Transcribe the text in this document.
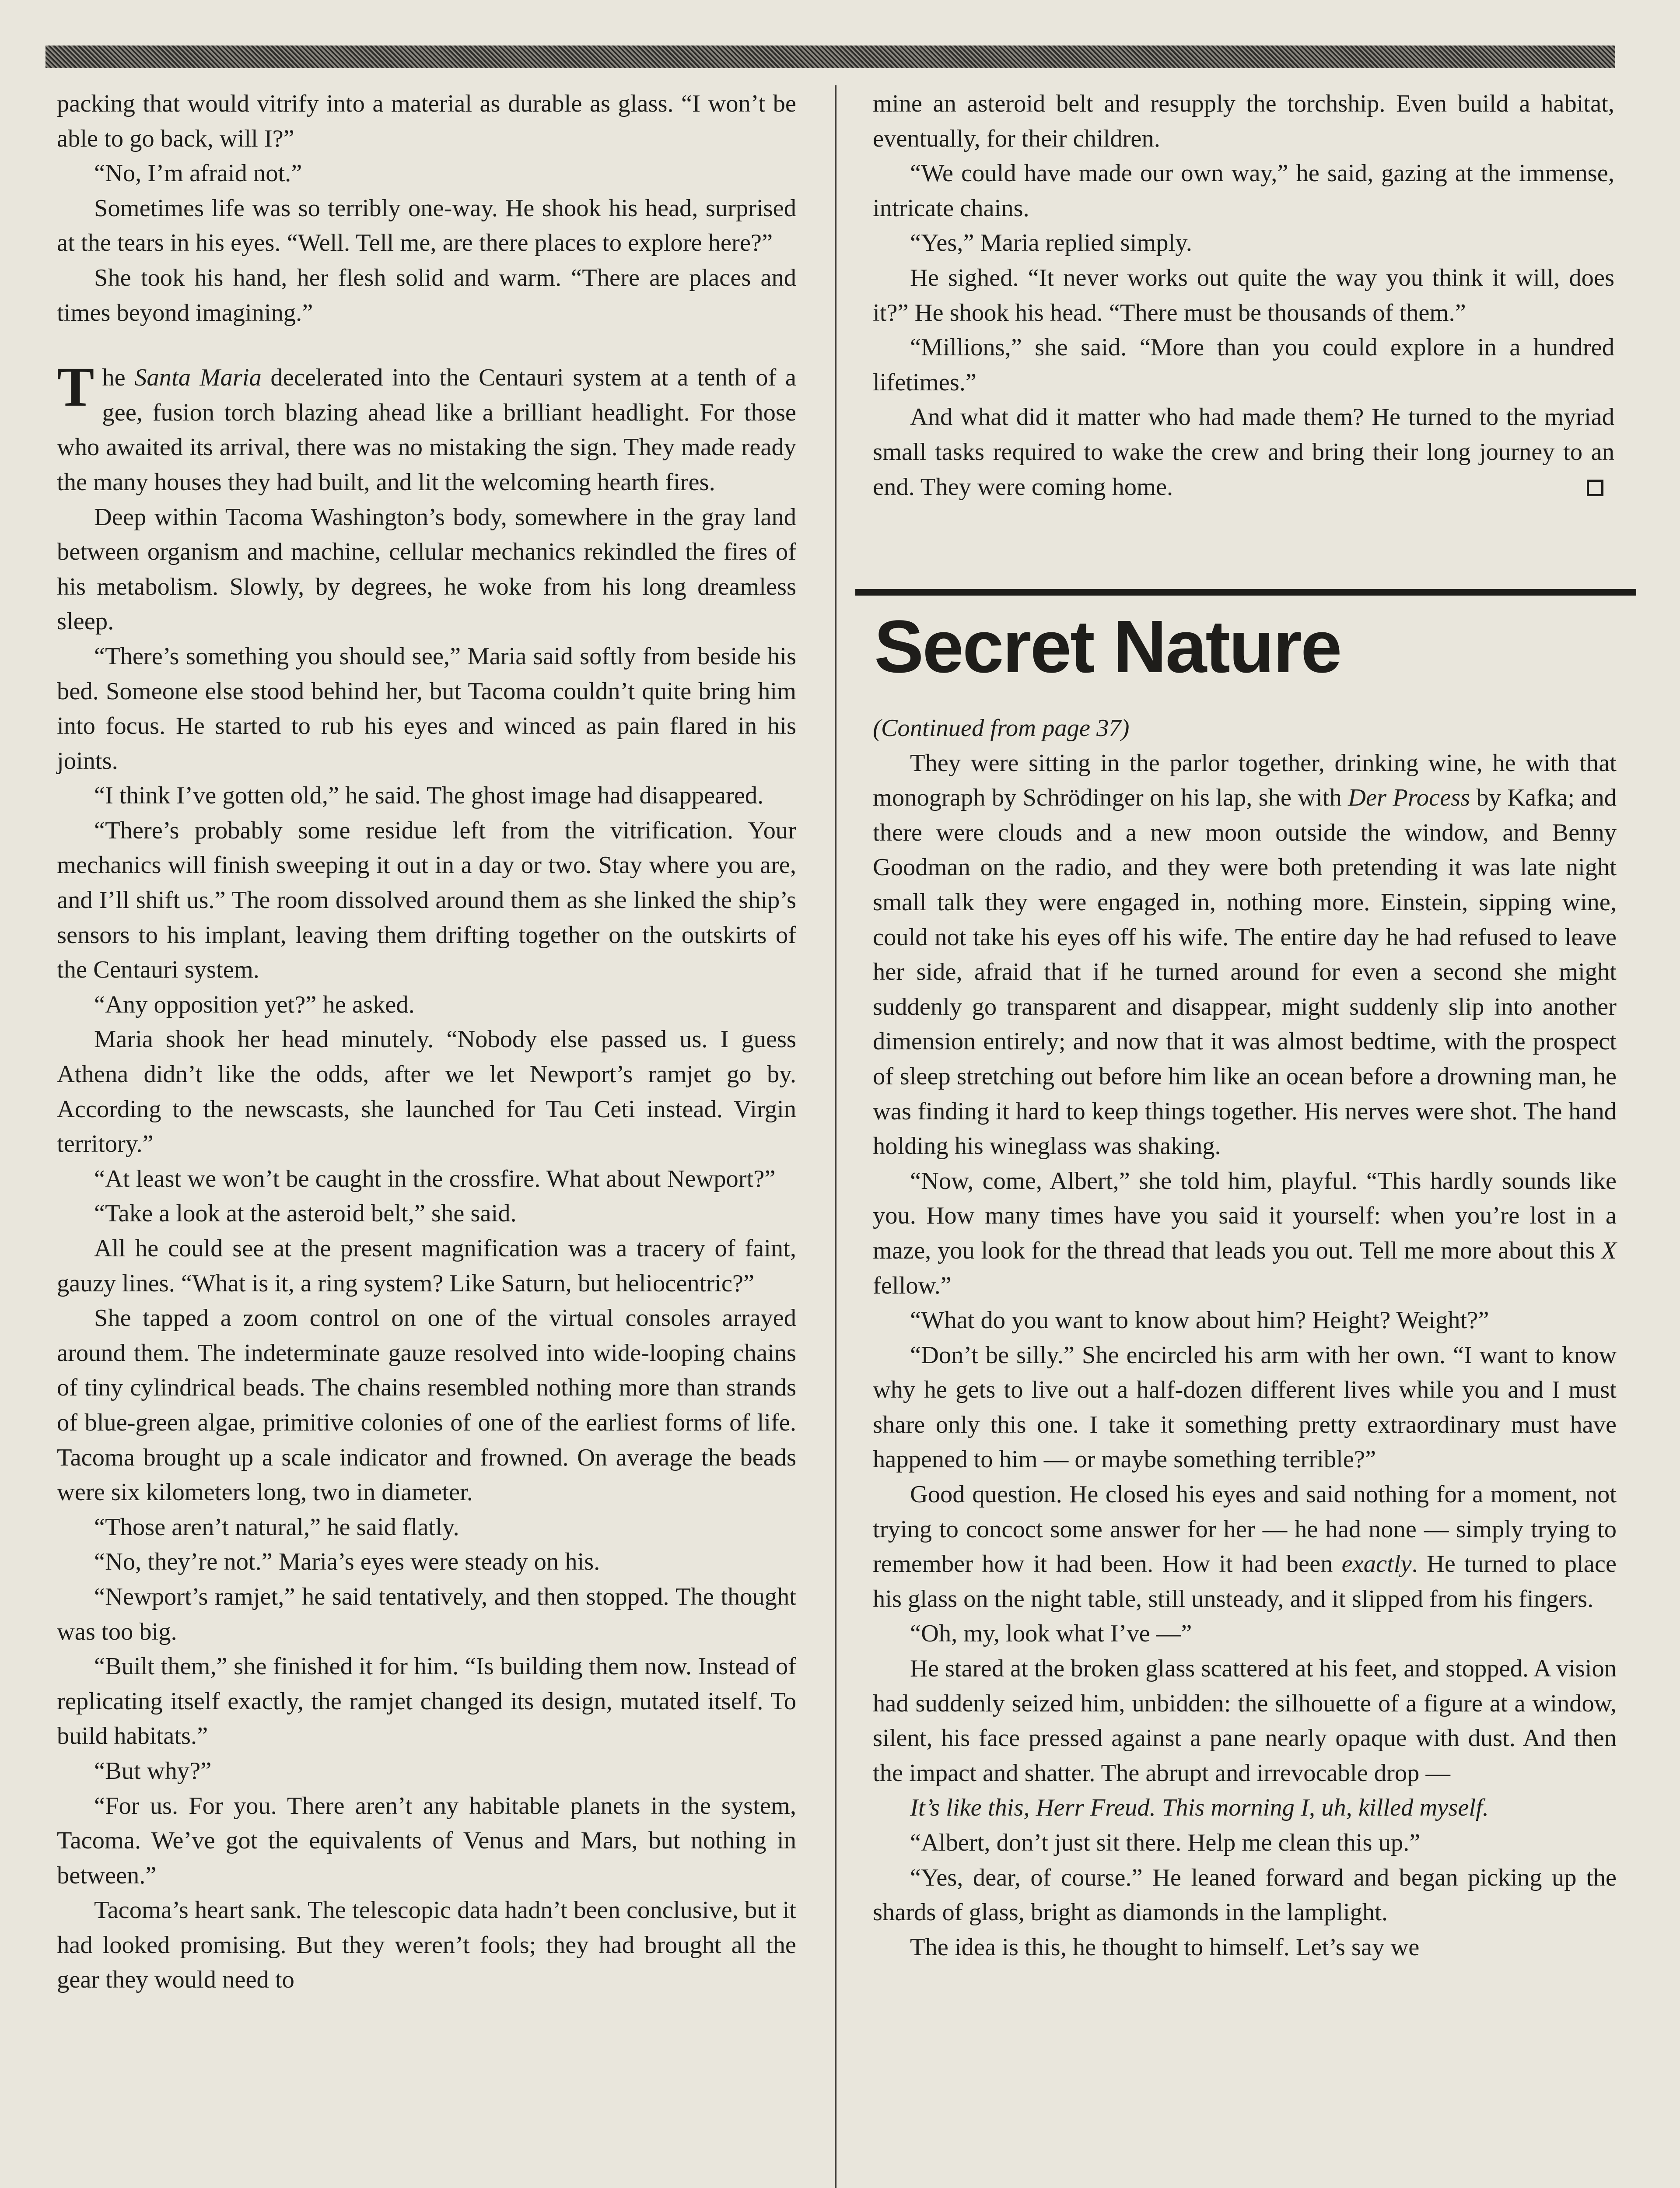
packing that would vitrify into a material as durable as glass. “I won’t be able to go back, will I?”

“No, I’m afraid not.”

Sometimes life was so terribly one-way. He shook his head, surprised at the tears in his eyes. “Well. Tell me, are there places to explore here?”

She took his hand, her flesh solid and warm. “There are places and times beyond imagining.”

The Santa Maria decelerated into the Centauri system at a tenth of a gee, fusion torch blazing ahead like a brilliant headlight. For those who awaited its arrival, there was no mistaking the sign. They made ready the many houses they had built, and lit the welcoming hearth fires.

Deep within Tacoma Washington’s body, somewhere in the gray land between organism and machine, cellular mechanics rekindled the fires of his metabolism. Slowly, by degrees, he woke from his long dreamless sleep.

“There’s something you should see,” Maria said softly from beside his bed. Someone else stood behind her, but Tacoma couldn’t quite bring him into focus. He started to rub his eyes and winced as pain flared in his joints.

“I think I’ve gotten old,” he said. The ghost image had disappeared.

“There’s probably some residue left from the vitrification. Your mechanics will finish sweeping it out in a day or two. Stay where you are, and I’ll shift us.” The room dissolved around them as she linked the ship’s sensors to his implant, leaving them drifting together on the outskirts of the Centauri system.

“Any opposition yet?” he asked.

Maria shook her head minutely. “Nobody else passed us. I guess Athena didn’t like the odds, after we let Newport’s ramjet go by. According to the newscasts, she launched for Tau Ceti instead. Virgin territory.”

“At least we won’t be caught in the crossfire. What about Newport?”

“Take a look at the asteroid belt,” she said.

All he could see at the present magnification was a tracery of faint, gauzy lines. “What is it, a ring system? Like Saturn, but heliocentric?”

She tapped a zoom control on one of the virtual consoles arrayed around them. The indeterminate gauze resolved into wide-looping chains of tiny cylindrical beads. The chains resembled nothing more than strands of blue-green algae, primitive colonies of one of the earliest forms of life. Tacoma brought up a scale indicator and frowned. On average the beads were six kilometers long, two in diameter.

“Those aren’t natural,” he said flatly.

“No, they’re not.” Maria’s eyes were steady on his.

“Newport’s ramjet,” he said tentatively, and then stopped. The thought was too big.

“Built them,” she finished it for him. “Is building them now. Instead of replicating itself exactly, the ramjet changed its design, mutated itself. To build habitats.”

“But why?”

“For us. For you. There aren’t any habitable planets in the system, Tacoma. We’ve got the equivalents of Venus and Mars, but nothing in between.”

Tacoma’s heart sank. The telescopic data hadn’t been conclusive, but it had looked promising. But they weren’t fools; they had brought all the gear they would need to

mine an asteroid belt and resupply the torchship. Even build a habitat, eventually, for their children.

“We could have made our own way,” he said, gazing at the immense, intricate chains.

“Yes,” Maria replied simply.

He sighed. “It never works out quite the way you think it will, does it?” He shook his head. “There must be thousands of them.”

“Millions,” she said. “More than you could explore in a hundred lifetimes.”

And what did it matter who had made them? He turned to the myriad small tasks required to wake the crew and bring their long journey to an end. They were coming home.

Secret Nature

(Continued from page 37)

They were sitting in the parlor together, drinking wine, he with that monograph by Schrödinger on his lap, she with Der Process by Kafka; and there were clouds and a new moon outside the window, and Benny Goodman on the radio, and they were both pretending it was late night small talk they were engaged in, nothing more. Einstein, sipping wine, could not take his eyes off his wife. The entire day he had refused to leave her side, afraid that if he turned around for even a second she might suddenly go transparent and disappear, might suddenly slip into another dimension entirely; and now that it was almost bedtime, with the prospect of sleep stretching out before him like an ocean before a drowning man, he was finding it hard to keep things together. His nerves were shot. The hand holding his wineglass was shaking.

“Now, come, Albert,” she told him, playful. “This hardly sounds like you. How many times have you said it yourself: when you’re lost in a maze, you look for the thread that leads you out. Tell me more about this X fellow.”

“What do you want to know about him? Height? Weight?”

“Don’t be silly.” She encircled his arm with her own. “I want to know why he gets to live out a half-dozen different lives while you and I must share only this one. I take it something pretty extraordinary must have happened to him — or maybe something terrible?”

Good question. He closed his eyes and said nothing for a moment, not trying to concoct some answer for her — he had none — simply trying to remember how it had been. How it had been exactly. He turned to place his glass on the night table, still unsteady, and it slipped from his fingers.

“Oh, my, look what I’ve —”

He stared at the broken glass scattered at his feet, and stopped. A vision had suddenly seized him, unbidden: the silhouette of a figure at a window, silent, his face pressed against a pane nearly opaque with dust. And then the impact and shatter. The abrupt and irrevocable drop —

It’s like this, Herr Freud. This morning I, uh, killed myself.

“Albert, don’t just sit there. Help me clean this up.”

“Yes, dear, of course.” He leaned forward and began picking up the shards of glass, bright as diamonds in the lamplight.

The idea is this, he thought to himself. Let’s say we
